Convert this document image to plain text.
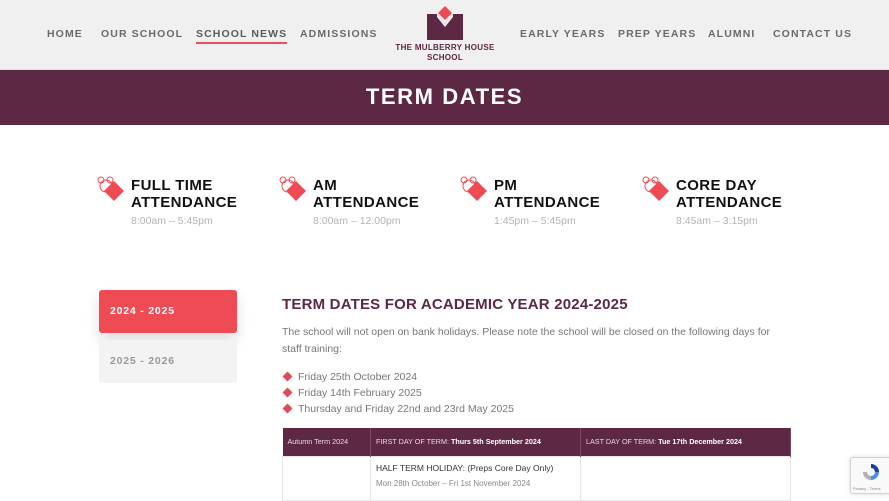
HOME OUR SCHOOL SCHOOL NEWS ADMISSIONS
THE MULBERRY HOUSE
SCHOOL
EARLY YEARS PREP YEARS ALUMNI CONTACT US
TERM DATES
FULL TIME
ATTENDANCE
8:00am – 5:45pm
AM
ATTENDANCE
8:00am – 12:00pm
PM
ATTENDANCE
1:45pm – 5:45pm
CORE DAY
ATTENDANCE
8:45am – 3:15pm
2024 - 2025
2025 - 2026
TERM DATES FOR ACADEMIC YEAR 2024-2025

The school will not open on bank holidays. Please note the school will be closed on the following days for staff training:

Friday 25th October 2024
Friday 14th February 2025
Thursday and Friday 22nd and 23rd May 2025
Autumn Term 2024	FIRST DAY OF TERM: Thurs 5th September 2024	LAST DAY OF TERM: Tue 17th December 2024

	HALF TERM HOLIDAY: (Preps Core Day Only)
Mon 28th October – Fri 1st November 2024	

Privacy - Terms
